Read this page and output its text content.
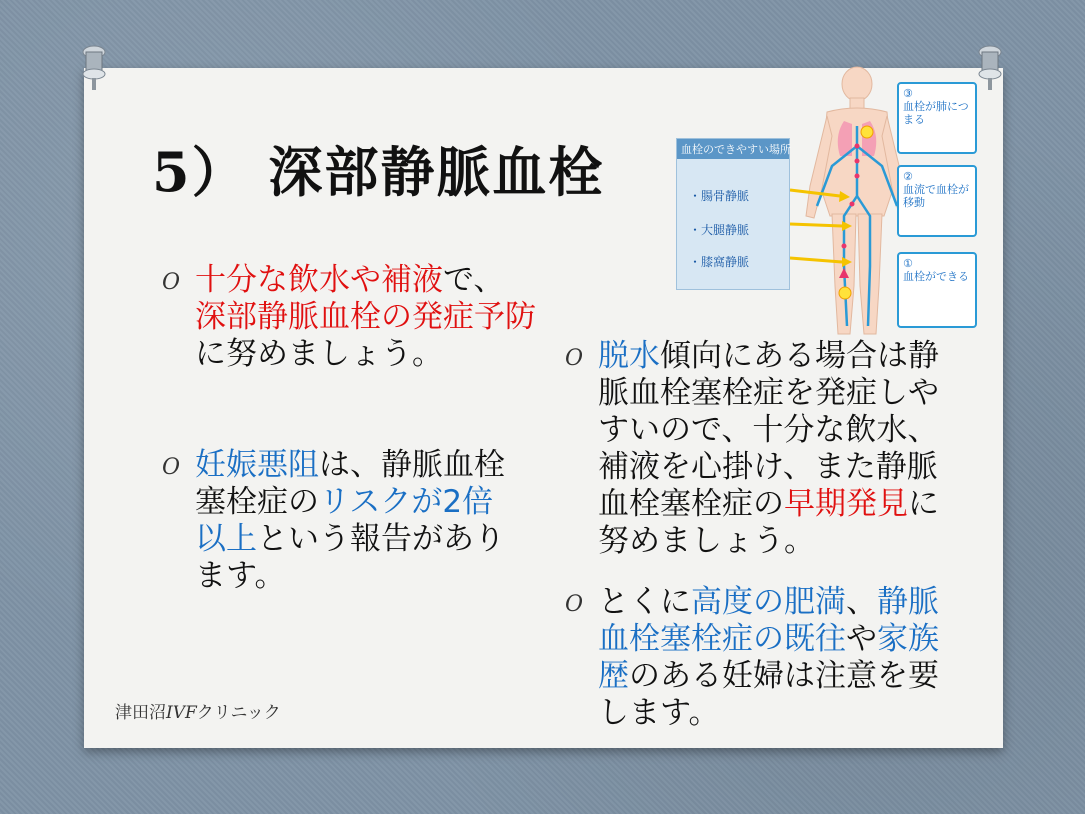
5） 深部静脈血栓
O 十分な飲水や補液で、
深部静脈血栓の発症予防に努めましょう。
O 妊娠悪阻は、静脈血栓塞栓症のリスクが2倍以上という報告があります。
O 脱水傾向にある場合は静脈血栓塞栓症を発症しやすいので、十分な飲水、補液を心掛け、また静脈血栓塞栓症の早期発見に努めましょう。
O とくに高度の肥満、静脈血栓塞栓症の既往や家族歴のある妊婦は注意を要します。
津田沼IVFクリニック
血栓のできやすい場所
・腸骨静脈
・大腿静脈
・膝窩静脈
③
血栓が肺につまる
②
血流で血栓が移動
①
血栓ができる
